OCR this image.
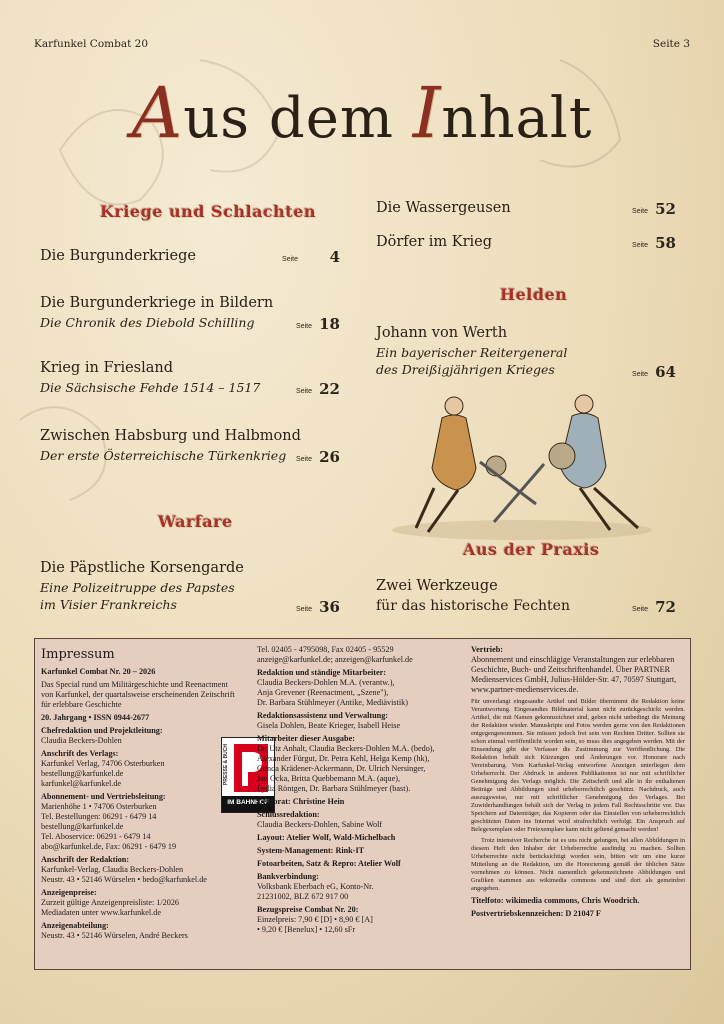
Karfunkel Combat 20	Seite 3
Aus dem Inhalt
Kriege und Schlachten
Warfare
Helden
Aus der Praxis
Die Burgunderkriege	Seite 4
Die Burgunderkriege in Bildern
Die Chronik des Diebold Schilling	Seite 18
Krieg in Friesland
Die Sächsische Fehde 1514 – 1517	Seite 22
Zwischen Habsburg und Halbmond
Der erste Österreichische Türkenkrieg	Seite 26
Die Päpstliche Korsengarde
Eine Polizeitruppe des Papstes
im Visier Frankreichs	Seite 36
Die Wassergeusen	Seite 52
Dörfer im Krieg	Seite 58
Johann von Werth
Ein bayerischer Reitergeneral
des Dreißigjährigen Krieges	Seite 64
Zwei Werkzeuge
für das historische Fechten	Seite 72
Impressum

Karfunkel Combat Nr. 20 – 2026

Das Special rund um Militärgeschichte und Reenactment von Karfunkel, der quartalsweise erscheinenden Zeitschrift für erlebbare Geschichte

20. Jahrgang • ISSN 0944-2677

Chefredaktion und Projektleitung:
Claudia Beckers-Dohlen

Anschrift des Verlags:
Karfunkel Verlag, 74706 Osterburken
bestellung@karfunkel.de
karfunkel@karfunkel.de

Abonnement- und Vertriebsleitung:
Marienhöhe 1 • 74706 Osterburken
Tel. Bestellungen: 06291 - 6479 14
bestellung@karfunkel.de
Tel. Aboservice: 06291 - 6479 14
abo@karfunkel.de, Fax: 06291 - 6479 19

Anschrift der Redaktion:
Karfunkel-Verlag, Claudia Beckers-Dohlen
Neustr. 43 • 52146 Würselen • bedo@karfunkel.de

Anzeigenpreise:
Zurzeit gültige Anzeigenpreisliste: 1/2026
Mediadaten unter www.karfunkel.de

Anzeigenabteilung:
Neustr. 43 • 52146 Würselen, André Beckers

PRESSE & BUCH
IM BAHNHOF

Tel. 02405 - 4795098, Fax 02405 - 95529
anzeige@karfunkel.de; anzeigen@karfunkel.de

Redaktion und ständige Mitarbeiter:
Claudia Beckers-Dohlen M.A. (verantw.),
Anja Grevener (Reenactment, „Szene"),
Dr. Barbara Stühlmeyer (Antike, Mediävistik)

Redaktionsassistenz und Verwaltung:
Gisela Dohlen, Beate Krieger, Isabell Heise

Mitarbeiter dieser Ausgabe:
Dr. Utz Anhalt, Claudia Beckers-Dohlen M.A. (bedo),
Alexander Fürgut, Dr. Petra Kehl, Helga Kemp (hk),
Gunda Krädener-Ackermann, Dr. Ulrich Nersinger,
Jan Ocka, Britta Quebbemann M.A. (aque),
Lydia Röntgen, Dr. Barbara Stühlmeyer (bast).

Lektorat: Christine Hein

Schlussredaktion:
Claudia Beckers-Dohlen, Sabine Wolf

Layout: Atelier Wolf, Wald-Michelbach

System-Management: Rink-IT

Fotoarbeiten, Satz & Repro: Atelier Wolf

Bankverbindung:
Volksbank Eberbach eG, Konto-Nr.
21231002, BLZ 672 917 00

Bezugspreise Combat Nr. 20:
Einzelpreis: 7,90 € [D] • 8,90 € [A]
• 9,20 € [Benelux] • 12,60 sFr

Vertrieb:
Abonnement und einschlägige Veranstaltungen zur erlebbaren Geschichte, Buch- und Zeitschriftenhandel. Über PARTNER Medienservices GmbH, Julius-Hölder-Str. 47, 70597 Stuttgart, www.partner-medienservices.de.

Für unverlangt eingesandte Artikel und Bilder übernimmt die Redaktion keine Verantwortung. Eingesandtes Bildmaterial kann nicht zurückgeschickt werden. Artikel, die mit Namen gekennzeichnet sind, geben nicht unbedingt die Meinung der Redaktion wieder. Manuskripte und Fotos werden gerne von den Redaktionen entgegengenommen. Sie müssen jedoch frei sein von Rechten Dritter. Sollten sie schon einmal veröffentlicht worden sein, so muss dies angegeben werden. Mit der Einsendung gibt der Verfasser die Zustimmung zur Veröffentlichung. Die Redaktion behält sich Kürzungen und Änderungen vor. Honorare nach Vereinbarung. Vom Karfunkel-Verlag entworfene Anzeigen unterliegen dem Urheberrecht. Der Abdruck in anderen Publikationen ist nur mit schriftlicher Genehmigung des Verlags möglich. Die Zeitschrift und alle in ihr enthaltenen Beiträge und Abbildungen sind urheberrechtlich geschützt. Nachdruck, auch auszugsweise, nur mit schriftlicher Genehmigung des Verlages. Bei Zuwiderhandlungen behält sich der Verlag in jedem Fall Rechtsschritte vor. Das Speichern auf Datenträger, das Kopieren oder das Einstellen von urheberrechtlich geschützten Daten ins Internet wird strafrechtlich verfolgt. Ein Anspruch auf Belegexemplare oder Freiexemplare kann nicht geltend gemacht werden!

Trotz intensiver Recherche ist es uns nicht gelungen, bei allen Abbildungen in diesem Heft den Inhaber der Urheberrechte ausfindig zu machen. Sollten Urheberrechte nicht berücksichtigt worden sein, bitten wir um eine kurze Mitteilung an die Redaktion, um die Honorierung gemäß der üblichen Sätze vornehmen zu können. Nicht namentlich gekennzeichnete Abbildungen und Grafiken stammen aus wikimedia commons und sind dort als gemeinfrei angegeben.

Titelfoto: wikimedia commons, Chris Woodrich.

Postvertriebskennzeichen: D 21047 F
